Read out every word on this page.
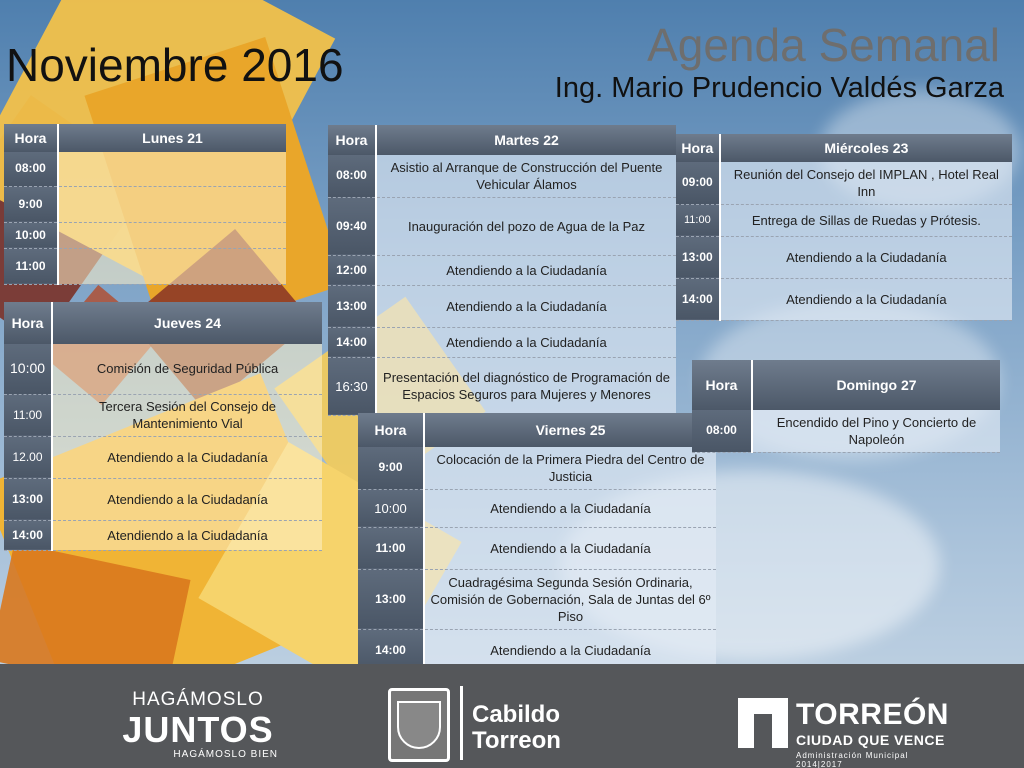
Noviembre 2016	Agenda Semanal
Ing. Mario Prudencio Valdés Garza
Hora	Lunes 21
08:00	
9:00	
10:00	
11:00	
Hora	Jueves 24
10:00	Comisión de Seguridad Pública
11:00	Tercera Sesión del Consejo de Mantenimiento Vial
12.00	Atendiendo a la Ciudadanía
13:00	Atendiendo a la Ciudadanía
14:00	Atendiendo a la Ciudadanía
Hora	Martes 22
08:00	Asistio al Arranque de Construcción del Puente Vehicular Álamos
09:40	Inauguración del pozo de Agua de la Paz
12:00	Atendiendo a la Ciudadanía
13:00	Atendiendo a la Ciudadanía
14:00	Atendiendo a la Ciudadanía
16:30	Presentación del diagnóstico de Programación de Espacios Seguros para Mujeres y Menores
Hora	Miércoles 23
09:00	Reunión del Consejo del IMPLAN , Hotel Real Inn
11:00	Entrega de Sillas de Ruedas y Prótesis.
13:00	Atendiendo a la Ciudadanía
14:00	Atendiendo a la Ciudadanía
Hora	Viernes 25
9:00	Colocación de la Primera Piedra del Centro de Justicia
10:00	Atendiendo a la Ciudadanía
11:00	Atendiendo a la Ciudadanía
13:00	Cuadragésima Segunda Sesión Ordinaria, Comisión de Gobernación, Sala de Juntas del 6º Piso
14:00	Atendiendo a la Ciudadanía
Hora	Domingo 27
08:00	Encendido del Pino y Concierto de Napoleón
HAGÁMOSLO
JUNTOS
HAGÁMOSLO BIEN
Cabildo
Torreon
TORREÓN
CIUDAD QUE VENCE
Administración Municipal 2014|2017
